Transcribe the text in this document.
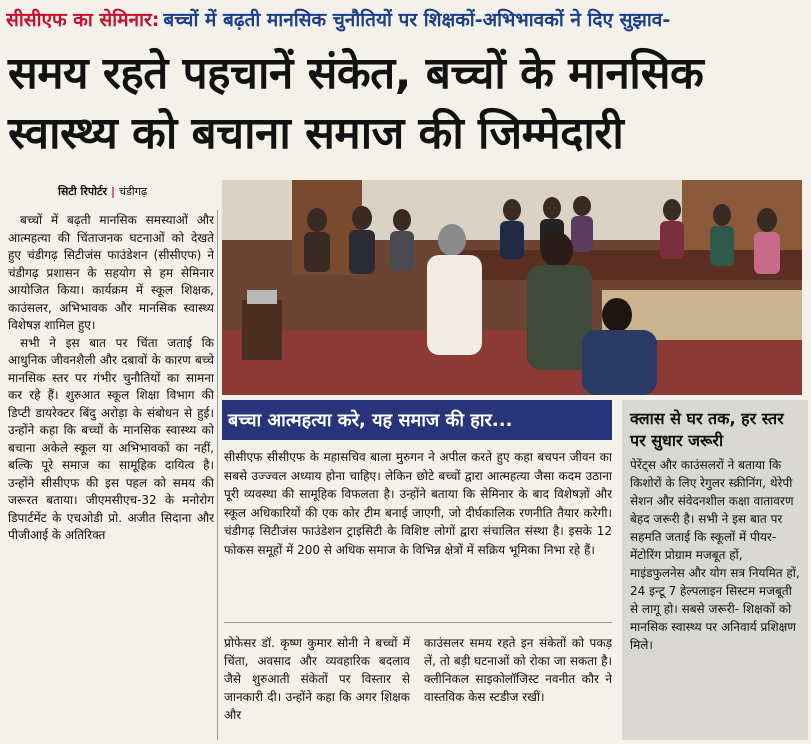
सीसीएफ का सेमिनार: बच्चों में बढ़ती मानसिक चुनौतियों पर शिक्षकों-अभिभावकों ने दिए सुझाव-
समय रहते पहचानें संकेत, बच्चों के मानसिक
स्वास्थ्य को बचाना समाज की जिम्मेदारी
सिटी रिपोर्टर | चंडीगढ़

बच्चों में बढ़ती मानसिक समस्याओं और आत्महत्या की चिंताजनक घटनाओं को देखते हुए चंडीगढ़ सिटीजंस फाउंडेशन (सीसीएफ) ने चंडीगढ़ प्रशासन के सहयोग से हम सेमिनार आयोजित किया। कार्यक्रम में स्कूल शिक्षक, काउंसलर, अभिभावक और मानसिक स्वास्थ्य विशेषज्ञ शामिल हुए।

सभी ने इस बात पर चिंता जताई कि आधुनिक जीवनशैली और दबावों के कारण बच्चे मानसिक स्तर पर गंभीर चुनौतियों का सामना कर रहे हैं। शुरुआत स्कूल शिक्षा विभाग की डिप्टी डायरेक्टर बिंदु अरोड़ा के संबोधन से हुई। उन्होंने कहा कि बच्चों के मानसिक स्वास्थ्य को बचाना अकेले स्कूल या अभिभावकों का नहीं, बल्कि पूरे समाज का सामूहिक दायित्व है। उन्होंने सीसीएफ की इस पहल को समय की जरूरत बताया। जीएमसीएच-32 के मनोरोग डिपार्टमेंट के एचओडी प्रो. अजीत सिदाना और पीजीआई के अतिरिक्त

बच्चा आत्महत्या करे, यह समाज की हार...
सीसीएफ सीसीएफ के महासचिव बाला मुरुगन ने अपील करते हुए कहा बचपन जीवन का सबसे उज्ज्वल अध्याय होना चाहिए। लेकिन छोटे बच्चों द्वारा आत्महत्या जैसा कदम उठाना पूरी व्यवस्था की सामूहिक विफलता है। उन्होंने बताया कि सेमिनार के बाद विशेषज्ञों और स्कूल अधिकारियों की एक कोर टीम बनाई जाएगी, जो दीर्घकालिक रणनीति तैयार करेगी। चंडीगढ़ सिटीजंस फाउंडेशन ट्राइसिटी के विशिष्ट लोगों द्वारा संचालित संस्था है। इसके 12 फोकस समूहों में 200 से अधिक समाज के विभिन्न क्षेत्रों में सक्रिय भूमिका निभा रहे हैं।
प्रोफेसर डॉ. कृष्ण कुमार सोनी ने बच्चों में चिंता, अवसाद और व्यवहारिक बदलाव जैसे शुरुआती संकेतों पर विस्तार से जानकारी दी। उन्होंने कहा कि अगर शिक्षक और
काउंसलर समय रहते इन संकेतों को पकड़ लें, तो बड़ी घटनाओं को रोका जा सकता है। क्लीनिकल साइकोलॉजिस्ट नवनीत कौर ने वास्तविक केस स्टडीज रखीं।
क्लास से घर तक, हर स्तर पर सुधार जरूरी
पेरेंट्स और काउंसलरों ने बताया कि किशोरों के लिए रेगुलर स्क्रीनिंग, थेरेपी सेशन और संवेदनशील कक्षा वातावरण बेहद जरूरी है। सभी ने इस बात पर सहमति जताई कि स्कूलों में पीयर-मेंटोरिंग प्रोग्राम मजबूत हों, माइंडफुलनेस और योग सत्र नियमित हों, 24 इन्टू 7 हेल्पलाइन सिस्टम मजबूती से लागू हो। सबसे जरूरी- शिक्षकों को मानसिक स्वास्थ्य पर अनिवार्य प्रशिक्षण मिले।
